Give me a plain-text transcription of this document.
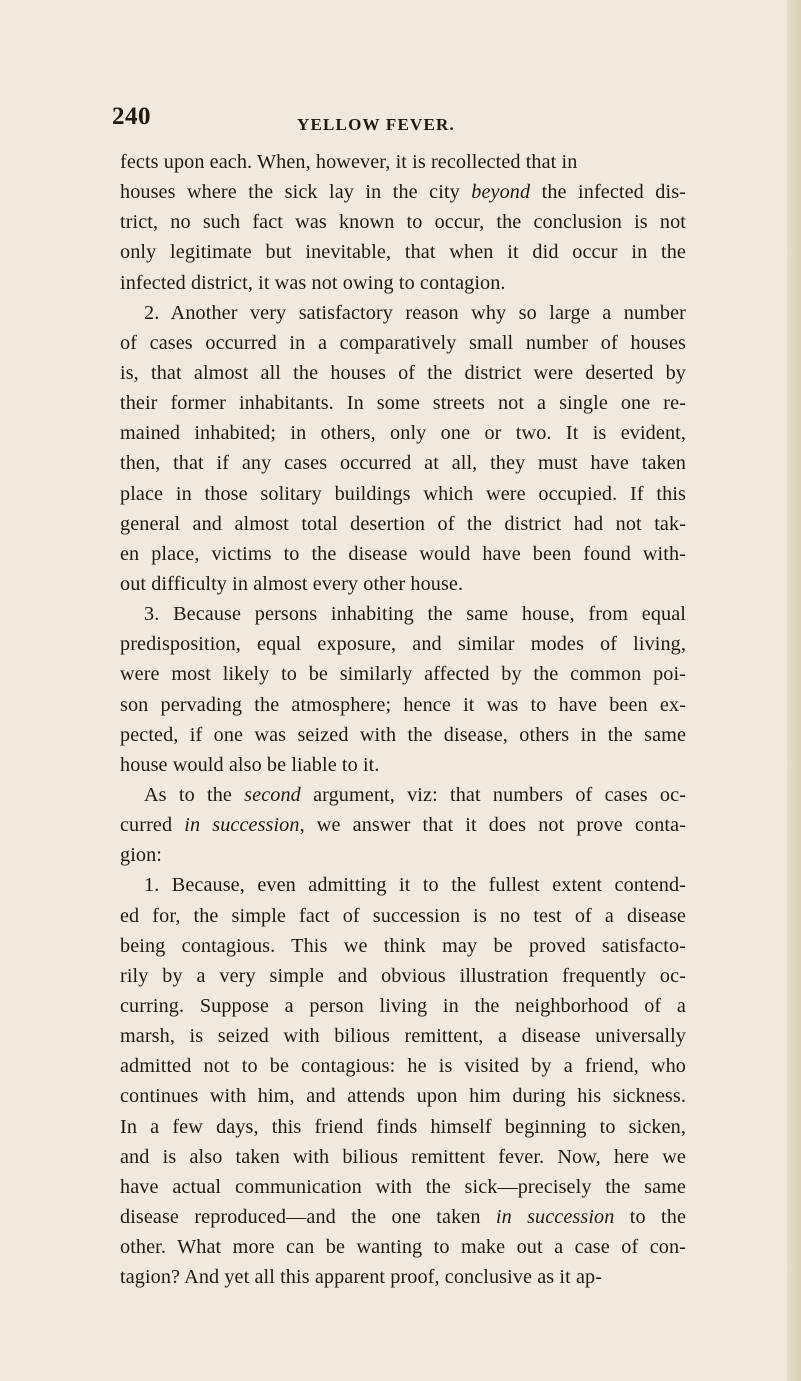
240	YELLOW FEVER.
fects upon each. When, however, it is recollected that in
houses where the sick lay in the city beyond the infected dis-
trict, no such fact was known to occur, the conclusion is not
only legitimate but inevitable, that when it did occur in the
infected district, it was not owing to contagion.
2. Another very satisfactory reason why so large a number
of cases occurred in a comparatively small number of houses
is, that almost all the houses of the district were deserted by
their former inhabitants. In some streets not a single one re-
mained inhabited; in others, only one or two. It is evident,
then, that if any cases occurred at all, they must have taken
place in those solitary buildings which were occupied. If this
general and almost total desertion of the district had not tak-
en place, victims to the disease would have been found with-
out difficulty in almost every other house.
3. Because persons inhabiting the same house, from equal
predisposition, equal exposure, and similar modes of living,
were most likely to be similarly affected by the common poi-
son pervading the atmosphere; hence it was to have been ex-
pected, if one was seized with the disease, others in the same
house would also be liable to it.
As to the second argument, viz: that numbers of cases oc-
curred in succession, we answer that it does not prove conta-
gion:
1. Because, even admitting it to the fullest extent contend-
ed for, the simple fact of succession is no test of a disease
being contagious. This we think may be proved satisfacto-
rily by a very simple and obvious illustration frequently oc-
curring. Suppose a person living in the neighborhood of a
marsh, is seized with bilious remittent, a disease universally
admitted not to be contagious: he is visited by a friend, who
continues with him, and attends upon him during his sickness.
In a few days, this friend finds himself beginning to sicken,
and is also taken with bilious remittent fever. Now, here we
have actual communication with the sick—precisely the same
disease reproduced—and the one taken in succession to the
other. What more can be wanting to make out a case of con-
tagion? And yet all this apparent proof, conclusive as it ap-
